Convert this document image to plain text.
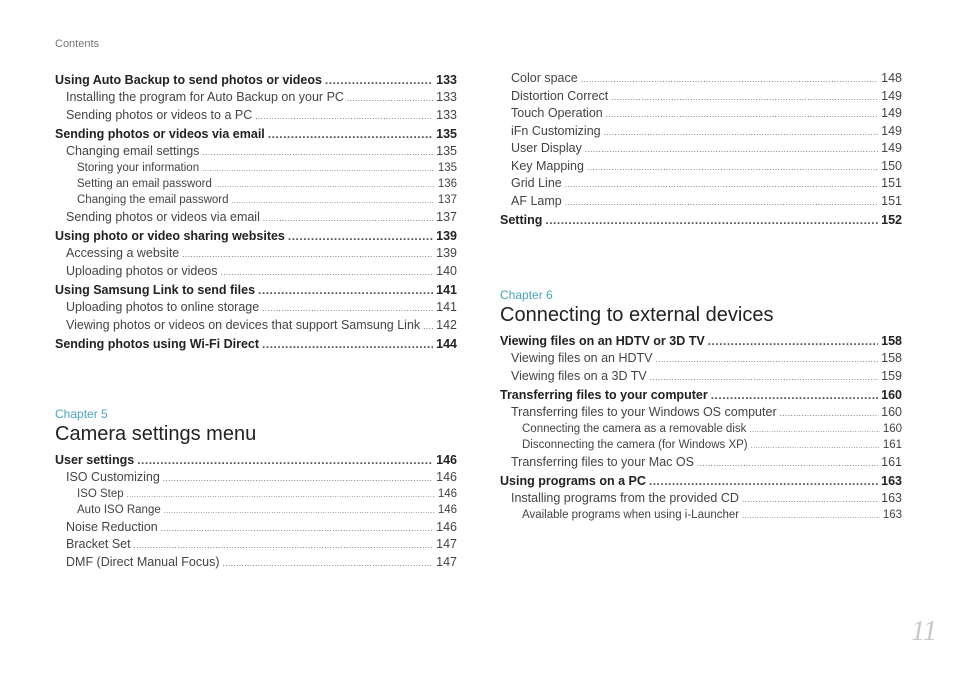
Contents
Using Auto Backup to send photos or videos .....	133
Installing the program for Auto Backup on your PC .....	133
Sending photos or videos to a PC .....	133
Sending photos or videos via email .....	135
Changing email settings .....	135
Storing your information .....	135
Setting an email password .....	136
Changing the email password .....	137
Sending photos or videos via email .....	137
Using photo or video sharing websites .....	139
Accessing a website .....	139
Uploading photos or videos .....	140
Using Samsung Link to send files .....	141
Uploading photos to online storage .....	141
Viewing photos or videos on devices that support Samsung Link ..... 142
Sending photos using Wi-Fi Direct .....	144
Chapter 5
Camera settings menu
User settings .....	146
ISO Customizing .....	146
ISO Step .....	146
Auto ISO Range .....	146
Noise Reduction .....	146
Bracket Set .....	147
DMF (Direct Manual Focus) .....	147
Color space .....	148
Distortion Correct .....	149
Touch Operation .....	149
iFn Customizing .....	149
User Display .....	149
Key Mapping .....	150
Grid Line .....	151
AF Lamp .....	151
Setting .....	152
Chapter 6
Connecting to external devices
Viewing files on an HDTV or 3D TV .....	158
Viewing files on an HDTV .....	158
Viewing files on a 3D TV .....	159
Transferring files to your computer .....	160
Transferring files to your Windows OS computer .....	160
Connecting the camera as a removable disk .....	160
Disconnecting the camera (for Windows XP) .....	161
Transferring files to your Mac OS .....	161
Using programs on a PC .....	163
Installing programs from the provided CD .....	163
Available programs when using i-Launcher .....	163
11
